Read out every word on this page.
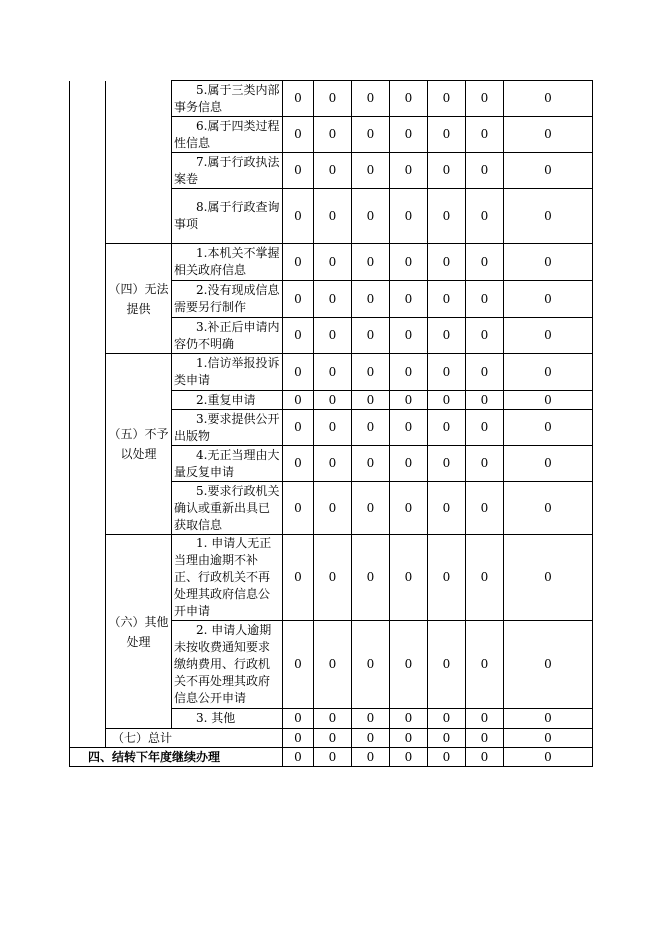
		5.属于三类内部事务信息	0	0	0	0	0	0	0
		6.属于四类过程性信息	0	0	0	0	0	0	0
		7.属于行政执法案卷	0	0	0	0	0	0	0
		8.属于行政查询事项	0	0	0	0	0	0	0
	（四）无法提供	1.本机关不掌握相关政府信息	0	0	0	0	0	0	0
		2.没有现成信息需要另行制作	0	0	0	0	0	0	0
		3.补正后申请内容仍不明确	0	0	0	0	0	0	0
	（五）不予以处理	1.信访举报投诉类申请	0	0	0	0	0	0	0
		2.重复申请	0	0	0	0	0	0	0
		3.要求提供公开出版物	0	0	0	0	0	0	0
		4.无正当理由大量反复申请	0	0	0	0	0	0	0
		5.要求行政机关确认或重新出具已获取信息	0	0	0	0	0	0	0
	（六）其他处理	1. 申请人无正当理由逾期不补正、行政机关不再处理其政府信息公开申请	0	0	0	0	0	0	0
		2. 申请人逾期未按收费通知要求缴纳费用、行政机关不再处理其政府信息公开申请	0	0	0	0	0	0	0
		3. 其他	0	0	0	0	0	0	0
	（七）总计		0	0	0	0	0	0	0
四、结转下年度继续办理			0	0	0	0	0	0	0
